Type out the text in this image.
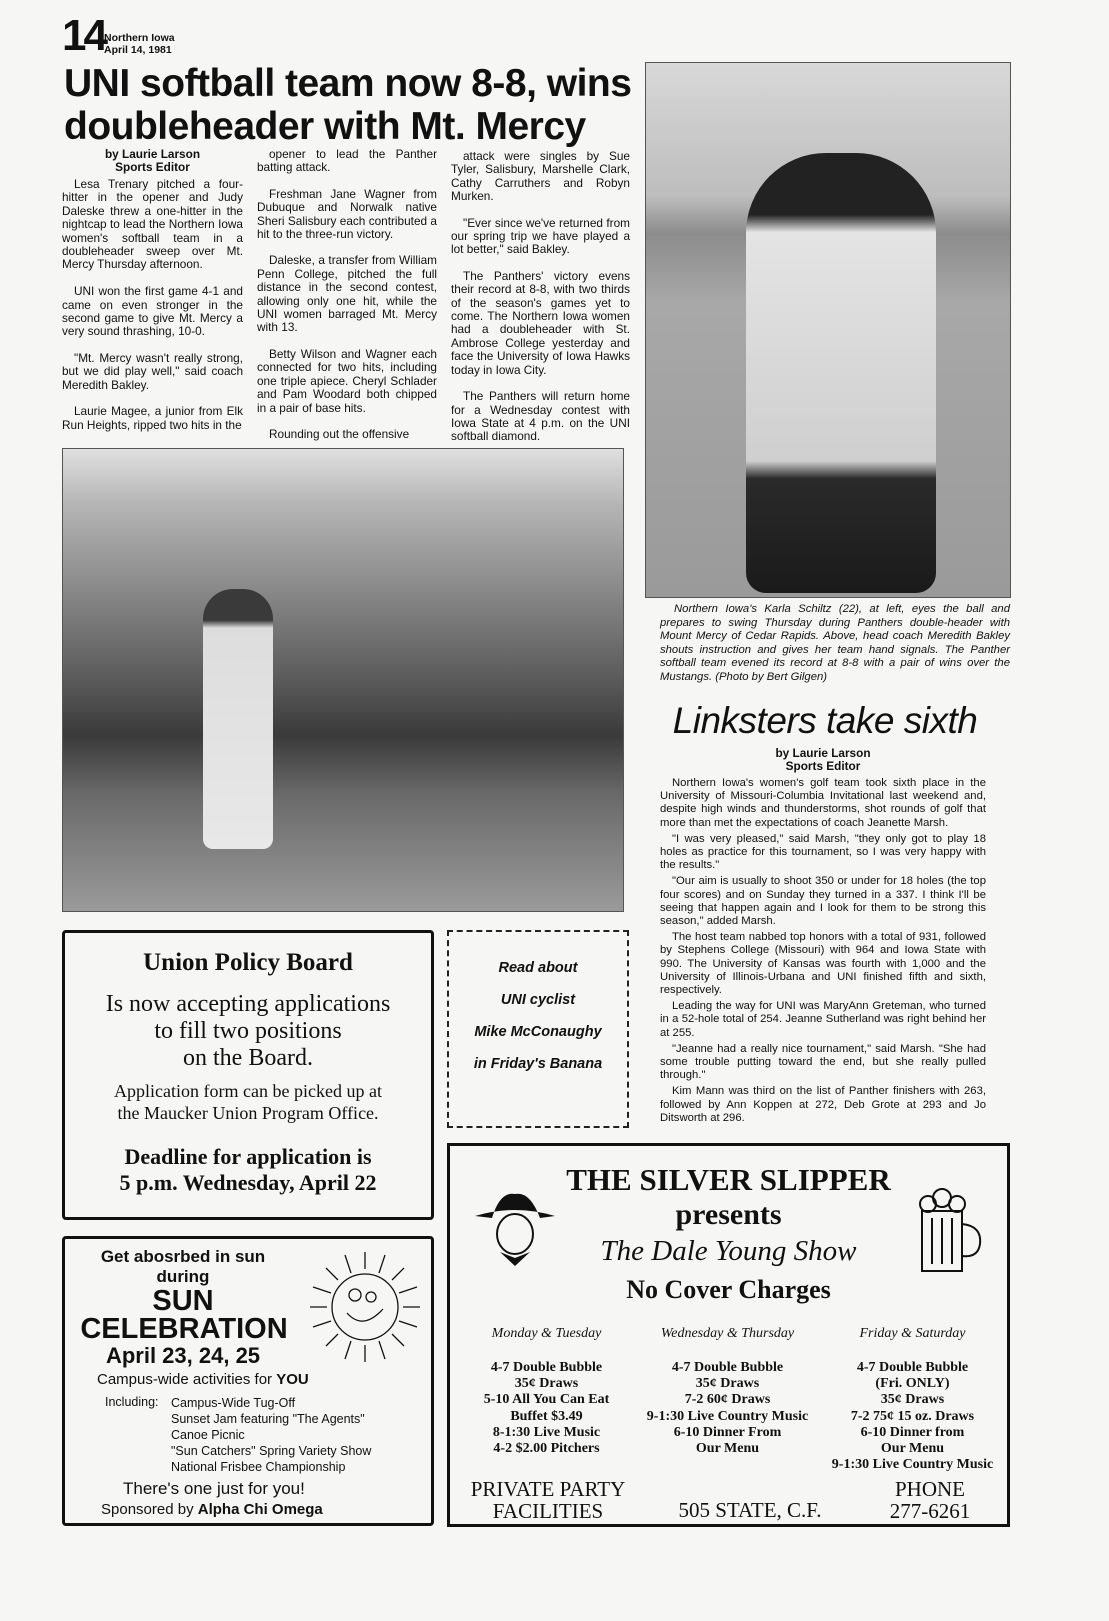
14 Northern Iowa
April 14, 1981
UNI softball team now 8-8, wins doubleheader with Mt. Mercy
by Laurie Larson
Sports Editor

Lesa Trenary pitched a four-hitter in the opener and Judy Daleske threw a one-hitter in the nightcap to lead the Northern Iowa women's softball team in a doubleheader sweep over Mt. Mercy Thursday afternoon.

UNI won the first game 4-1 and came on even stronger in the second game to give Mt. Mercy a very sound thrashing, 10-0.

"Mt. Mercy wasn't really strong, but we did play well," said coach Meredith Bakley.

Laurie Magee, a junior from Elk Run Heights, ripped two hits in the

opener to lead the Panther batting attack.

Freshman Jane Wagner from Dubuque and Norwalk native Sheri Salisbury each contributed a hit to the three-run victory.

Daleske, a transfer from William Penn College, pitched the full distance in the second contest, allowing only one hit, while the UNI women barraged Mt. Mercy with 13.

Betty Wilson and Wagner each connected for two hits, including one triple apiece. Cheryl Schlader and Pam Woodard both chipped in a pair of base hits.

Rounding out the offensive

attack were singles by Sue Tyler, Salisbury, Marshelle Clark, Cathy Carruthers and Robyn Murken.

"Ever since we've returned from our spring trip we have played a lot better," said Bakley.

The Panthers' victory evens their record at 8-8, with two thirds of the season's games yet to come. The Northern Iowa women had a doubleheader with St. Ambrose College yesterday and face the University of Iowa Hawks today in Iowa City.

The Panthers will return home for a Wednesday contest with Iowa State at 4 p.m. on the UNI softball diamond.

Northern Iowa's Karla Schiltz (22), at left, eyes the ball and prepares to swing Thursday during Panthers double-header with Mount Mercy of Cedar Rapids. Above, head coach Meredith Bakley shouts instruction and gives her team hand signals. The Panther softball team evened its record at 8-8 with a pair of wins over the Mustangs. (Photo by Bert Gilgen)
Linksters take sixth
by Laurie Larson
Sports Editor

Northern Iowa's women's golf team took sixth place in the University of Missouri-Columbia Invitational last weekend and, despite high winds and thunderstorms, shot rounds of golf that more than met the expectations of coach Jeanette Marsh.

"I was very pleased," said Marsh, "they only got to play 18 holes as practice for this tournament, so I was very happy with the results."

"Our aim is usually to shoot 350 or under for 18 holes (the top four scores) and on Sunday they turned in a 337. I think I'll be seeing that happen again and I look for them to be strong this season," added Marsh.

The host team nabbed top honors with a total of 931, followed by Stephens College (Missouri) with 964 and Iowa State with 990. The University of Kansas was fourth with 1,000 and the University of Illinois-Urbana and UNI finished fifth and sixth, respectively.

Leading the way for UNI was MaryAnn Greteman, who turned in a 52-hole total of 254. Jeanne Sutherland was right behind her at 255.

"Jeanne had a really nice tournament," said Marsh. "She had some trouble putting toward the end, but she really pulled through."

Kim Mann was third on the list of Panther finishers with 263, followed by Ann Koppen at 272, Deb Grote at 293 and Jo Ditsworth at 296.

Union Policy Board
Is now accepting applications
to fill two positions
on the Board.
Application form can be picked up at
the Maucker Union Program Office.
Deadline for application is
5 p.m. Wednesday, April 22
Read about
UNI cyclist
Mike McConaughy
in Friday's Banana
Get abosrbed in sun
during
SUN
CELEBRATION
April 23, 24, 25
Campus-wide activities for YOU
Including: Campus-Wide Tug-Off
Sunset Jam featuring "The Agents"
Canoe Picnic
"Sun Catchers" Spring Variety Show
National Frisbee Championship
There's one just for you!
Sponsored by Alpha Chi Omega
THE SILVER SLIPPER
presents
The Dale Young Show
No Cover Charges
Monday & Tuesday
4-7 Double Bubble
35¢ Draws
5-10 All You Can Eat
Buffet $3.49
8-1:30 Live Music
4-2 $2.00 Pitchers
Wednesday & Thursday
4-7 Double Bubble
35¢ Draws
7-2 60¢ Draws
9-1:30 Live Country Music
6-10 Dinner From
Our Menu
Friday & Saturday
4-7 Double Bubble
(Fri. ONLY)
35¢ Draws
7-2 75¢ 15 oz. Draws
6-10 Dinner from
Our Menu
9-1:30 Live Country Music
PRIVATE PARTY
FACILITIES	505 STATE, C.F.
PHONE
277-6261
